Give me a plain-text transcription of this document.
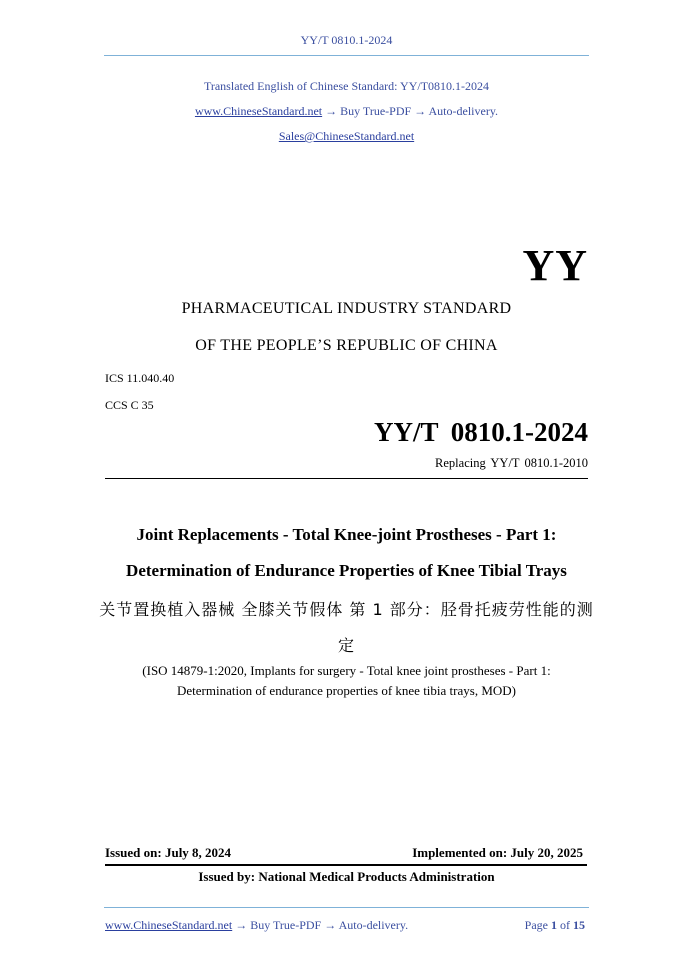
YY/T 0810.1-2024
Translated English of Chinese Standard: YY/T0810.1-2024
www.ChineseStandard.net → Buy True-PDF → Auto-delivery.
Sales@ChineseStandard.net
YY
PHARMACEUTICAL INDUSTRY STANDARD
OF THE PEOPLE’S REPUBLIC OF CHINA
ICS 11.040.40
CCS C 35
YY/T 0810.1-2024
Replacing YY/T 0810.1-2010
Joint Replacements - Total Knee-joint Prostheses - Part 1:
Determination of Endurance Properties of Knee Tibial Trays
关节置换植入器械 全膝关节假体 第 1 部分：胫骨托疲劳性能的测
定
(ISO 14879-1:2020, Implants for surgery - Total knee joint prostheses - Part 1:
Determination of endurance properties of knee tibia trays, MOD)
Issued on: July 8, 2024	Implemented on: July 20, 2025
Issued by: National Medical Products Administration
www.ChineseStandard.net → Buy True-PDF → Auto-delivery.	Page 1 of 15
